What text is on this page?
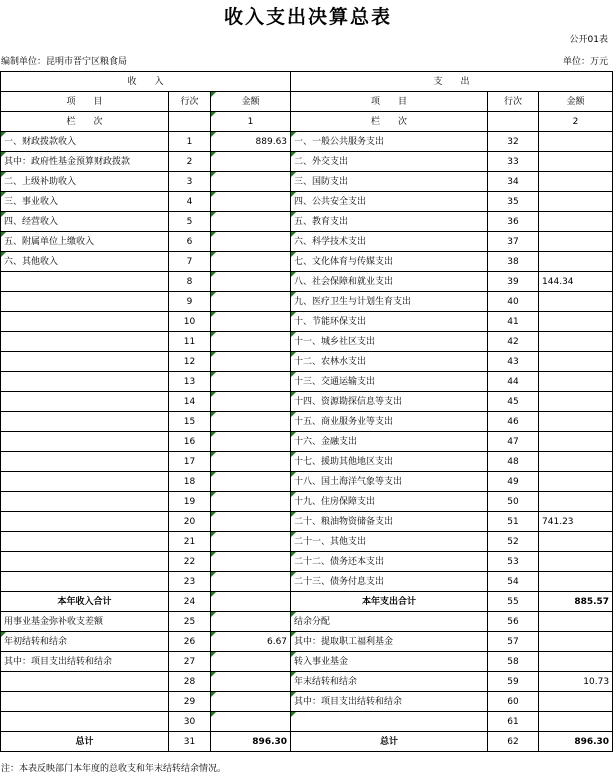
收入支出决算总表
公开01表
编制单位：昆明市晋宁区粮食局	单位：万元
收　　入			支　　出		
项　　目	行次	金额	项　　目	行次	金额
栏　　次		1	栏　　次		2
一、财政拨款收入	1	889.63	一、一般公共服务支出	32	
其中：政府性基金预算财政拨款	2		二、外交支出	33	
二、上级补助收入	3		三、国防支出	34	
三、事业收入	4		四、公共安全支出	35	
四、经营收入	5		五、教育支出	36	
五、附属单位上缴收入	6		六、科学技术支出	37	
六、其他收入	7		七、文化体育与传媒支出	38	
	8		八、社会保障和就业支出	39	144.34
	9		九、医疗卫生与计划生育支出	40	
	10		十、节能环保支出	41	
	11		十一、城乡社区支出	42	
	12		十二、农林水支出	43	
	13		十三、交通运输支出	44	
	14		十四、资源勘探信息等支出	45	
	15		十五、商业服务业等支出	46	
	16		十六、金融支出	47	
	17		十七、援助其他地区支出	48	
	18		十八、国土海洋气象等支出	49	
	19		十九、住房保障支出	50	
	20		二十、粮油物资储备支出	51	741.23
	21		二十一、其他支出	52	
	22		二十二、债务还本支出	53	
	23		二十三、债务付息支出	54	
本年收入合计	24		本年支出合计	55	885.57
用事业基金弥补收支差额	25		结余分配	56	
年初结转和结余	26	6.67	其中：提取职工福利基金	57	
其中：项目支出结转和结余	27		转入事业基金	58	
	28		年末结转和结余	59	10.73
	29		其中：项目支出结转和结余	60	
	30			61	
总计	31	896.30	总计	62	896.30
注：本表反映部门本年度的总收支和年末结转结余情况。
